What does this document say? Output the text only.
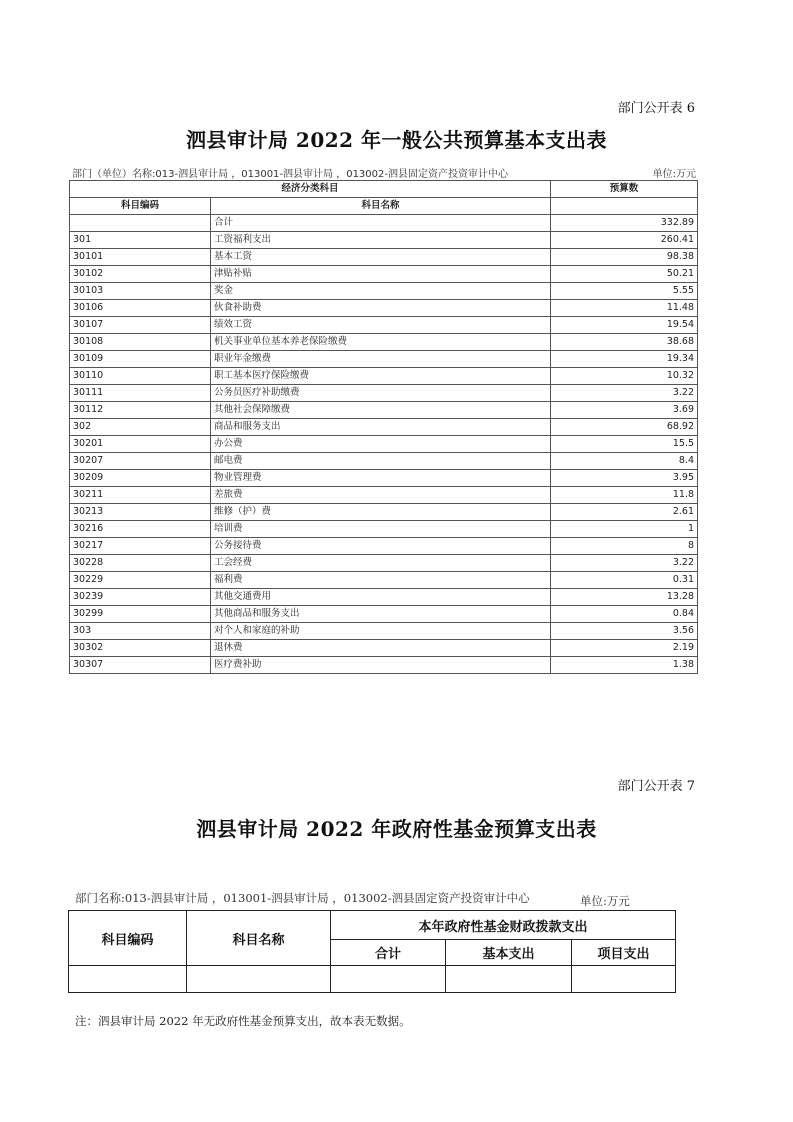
部门公开表 6
泗县审计局 2022 年一般公共预算基本支出表
部门（单位）名称:013-泗县审计局 ，013001-泗县审计局 ，013002-泗县固定资产投资审计中心	单位:万元
经济分类科目		预算数
科目编码	科目名称	
	合计	332.89
301	工资福利支出	260.41
30101	基本工资	98.38
30102	津贴补贴	50.21
30103	奖金	5.55
30106	伙食补助费	11.48
30107	绩效工资	19.54
30108	机关事业单位基本养老保险缴费	38.68
30109	职业年金缴费	19.34
30110	职工基本医疗保险缴费	10.32
30111	公务员医疗补助缴费	3.22
30112	其他社会保障缴费	3.69
302	商品和服务支出	68.92
30201	办公费	15.5
30207	邮电费	8.4
30209	物业管理费	3.95
30211	差旅费	11.8
30213	维修（护）费	2.61
30216	培训费	1
30217	公务接待费	8
30228	工会经费	3.22
30229	福利费	0.31
30239	其他交通费用	13.28
30299	其他商品和服务支出	0.84
303	对个人和家庭的补助	3.56
30302	退休费	2.19
30307	医疗费补助	1.38
部门公开表 7
泗县审计局 2022 年政府性基金预算支出表
部门名称:013-泗县审计局 ，013001-泗县审计局 ，013002-泗县固定资产投资审计中心	单位:万元
科目编码	科目名称	本年政府性基金财政拨款支出		
		合计	基本支出	项目支出

注：泗县审计局 2022 年无政府性基金预算支出，故本表无数据。
